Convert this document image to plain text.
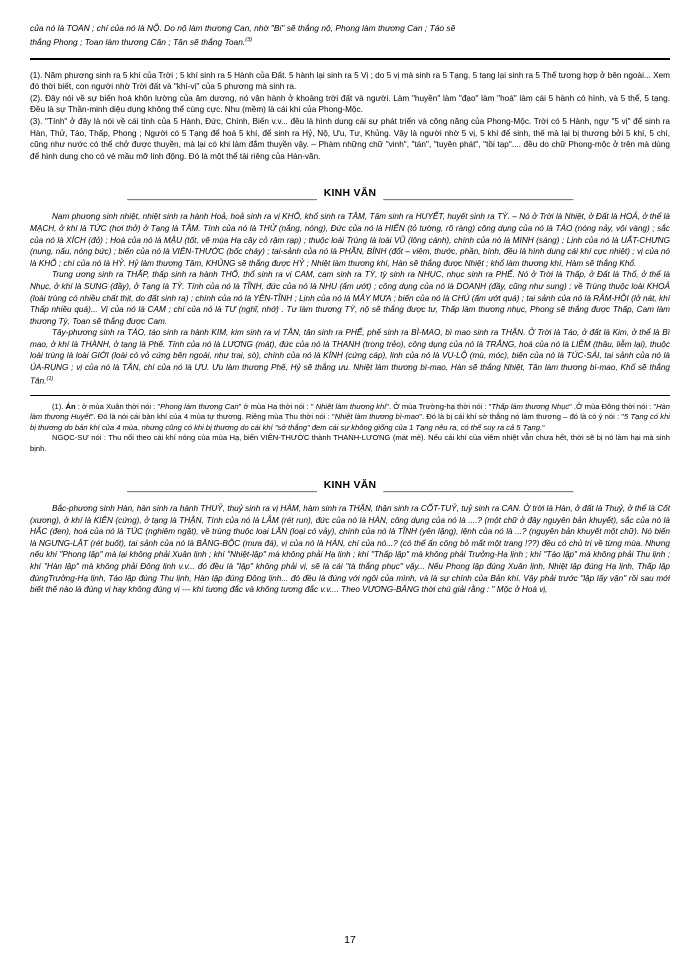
của nó là TOAN ; chí của nó là NỘ. Do nộ làm thương Can, nhờ "Bi" sẽ thắng nộ, Phong làm thương Can ; Táo sẽ

thắng Phong ; Toan làm thương Cân ; Tân sẽ thắng Toan.$^{(3)}$

(1). Năm phương sinh ra 5 khí của Trời ; 5 khí sinh ra 5 Hành của Đất. 5 hành lại sinh ra 5 Vị ; do 5 vị mà sinh ra 5 Tạng. 5 tạng lại sinh ra 5 Thể tương hợp ở bên ngoài... Xem đó thời biết, con người nhờ Trời đất và "khí-vị" của 5 phương mà sinh ra.

(2). Đây nói về sự biến hoá khôn lường của âm dương, nó vận hành ở khoảng trời đất và người. Làm "huyền" làm "đạo" làm "hoá" làm cái 5 hành có hình, và 5 thể, 5 tạng. Đều là sự Thần-minh diệu dụng không thể cùng cực. Nhu (mềm) là cái khí của Phong-Mộc.

(3). "Tính" ở đây là nói về cái tính của 5 Hành, Đức, Chính, Biến v.v... đều là hình dung cái sự phát triển và công năng của Phong-Mộc. Trời có 5 Hành, ngự "5 vị" để sinh ra Hàn, Thử, Táo, Thấp, Phong ; Người có 5 Tạng để hoá 5 khí, để sinh ra Hỷ, Nộ, Ưu, Tư, Khủng. Vậy là người nhờ 5 vị, 5 khí để sinh, thế mà lại bị thương bởi 5 khí, 5 chí, cũng như nước có thể chở được thuyền, mà lại có khi làm đắm thuyền vậy. – Phàm những chữ "vinh", "tán", "tuyên phát", "tồi tạp".... đều do chữ Phong-mộc ở trên mà dùng để hình dung cho có vẻ mầu mỡ linh động. Đó là một thể tài riêng của Hán-văn.

________________________________________ KINH VĂN ________________________________________

Nam phương sinh nhiệt, nhiệt sinh ra hành Hoả, hoả sinh ra vị KHỔ, khổ sinh ra TÂM, Tâm sinh ra HUYẾT, huyết sinh ra TỲ. – Nó ở Trời là Nhiệt, ở Đất là HOẢ, ở thể là MẠCH, ở khí là TỨC (hơi thở) ở Tạng là TÂM. Tính của nó là THỬ (nắng, nóng), Đức của nó là HIỂN (tỏ tường, rõ ràng) công dụng của nó là TÁO (nóng nảy, vội vàng) ; sắc của nó là XÍCH (đỏ) ; Hoá của nó là MẬU (tốt, vẽ mùa Hạ cây cỏ rậm rạp) ; thuộc loài Trùng là loài VŨ (lông cánh), chính của nó là MINH (sáng) ; Lịnh của nó là UẤT-CHƯNG (nung, nấu, nóng bức) ; biến của nó là VIÊN-THƯỚC (bốc cháy) ; tai-sảnh của nó là PHẦN, BÍNH (đốt – viêm, thước, phần, bính, đều là hình dung cái khí cực nhiệt) ; vị của nó là KHỔ ; chí của nó là HỶ. Hỷ làm thương Tâm, KHỦNG sẽ thắng được HỶ ; Nhiệt làm thương khí, Hàn sẽ thắng được Nhiệt ; khổ làm thương khí, Hàm sẽ thắng Khổ.

Trung ương sinh ra THẤP, thấp sinh ra hành THỔ, thổ sinh ra vị CAM, cam sinh ra TỲ, tỳ sinh ra NHỤC, nhục sinh ra PHẾ. Nó ở Trời là Thấp, ở Đất là Thổ, ở thể là Nhục, ở khí là SUNG (đầy), ở Tạng là TỲ. Tính của nó là TĨNH, đức của nó là NHU (ấm ướt) ; công dụng của nó là DOANH (đầy, cũng như sung) ; về Trùng thuộc loài KHOẢ (loài trùng có nhiều chất thịt, do đất sinh ra) ; chính của nó là YÊN-TĨNH ; Lịnh của nó là MÂY MƯA ; biến của nó là CHÚ (ấm ướt quá) ; tai sảnh của nó là RÂM-HỘI (lở nát, khí Thấp nhiều quá)... Vị của nó là CAM ; chí của nó là TƯ (nghĩ, nhớ) . Tư làm thương TỲ, nộ sẽ thắng được tư, Thấp làm thương nhục, Phong sẽ thắng được Thấp, Cam làm thương Tỳ, Toan sẽ thắng được Cam.

Tây-phương sinh ra TÁO, táo sinh ra hành KIM, kim sinh ra vị TÂN, tân sinh ra PHẾ, phế sinh ra BÌ-MAO, bì mao sinh ra THẬN. Ở Trời là Táo, ở đất là Kim, ở thể là Bì mao, ở khí là THÀNH, ở tạng là Phế. Tính của nó là LƯƠNG (mát), đức của nó là THANH (trong trẻo), công dụng của nó là TRẮNG, hoá của nó là LIỄM (thâu, liễm lại), thuộc loài trùng là loài GIỚI (loài có vỏ cứng bên ngoài, như trai, sò), chính của nó là KÍNH (cứng cáp), linh của nó là VỤ-LỘ (mù, móc), biến của nó là TÚC-SÁI, tai sảnh của nó là ÚA-RỤNG ; vị của nó là TÂN, chí của nó là ƯU. Ưu làm thương Phế, Hỷ sẽ thắng ưu. Nhiệt làm thương bì-mao, Hàn sẽ thắng Nhiệt, Tân làm thương bì-mao, Khổ sẽ thắng Tân.$^{(1)}$

(1). Án : ở mùa Xuân thời nói : "Phong làm thương Can" ở mùa Hạ thời nói : " Nhiệt làm thương khí". Ở mùa Trường-hạ thời nói : "Thấp làm thương Nhục" .Ở mùa Đông thời nói : "Hàn làm thương Huyết". Đó là nói cái bản khí của 4 mùa tự thương. Riêng mùa Thu thời nói : "Nhiệt làm thương bì-mao". Đó là bị cái khí sở thắng nó làm thương – đó là có ý nói : "5 Tạng có khi bị thương do bản khí của 4 mùa, nhưng cũng có khi bị thương do cái khí "sở thắng" đem cái sự không giống của 1 Tạng nêu ra, có thể suy ra cả 5 Tạng."

NGỌC-SƯ nói : Thu nối theo cái khí nóng của mùa Hạ, biến VIÊN-THƯỚC thành THANH-LƯƠNG (mát mẻ). Nếu cái khí của viêm nhiệt vẫn chưa hết, thời sẽ bị nó làm hại mà sinh bịnh.

________________________________________ KINH VĂN ________________________________________

Bắc-phương sinh Hàn, hàn sinh ra hành THUỶ, thuỷ sinh ra vị HÀM, hàm sinh ra THẬN, thận sinh ra CỐT-TUỶ, tuỷ sinh ra CAN. Ở trời là Hàn, ở đất là Thuỷ, ở thể là Cốt (xương), ở khí là KIÊN (cứng), ở tạng là THẬN, Tính của nó là LẪM (rét run), đức của nó là HÀN, công dụng của nó là ....? (một chữ ở đây nguyên bản khuyết), sắc của nó là HẮC (đen), hoá của nó là TÚC (nghiêm ngặt), về trùng thuộc loại LÂN (loại có vảy), chính của nó là TĨNH (yên lặng), lệnh của nó là ...? (nguyên bản khuyết một chữ). Nó biến là NGƯNG-LẬT (rét buốt), tai sảnh của nó là BĂNG-BỘC (mưa đá), vị của nó là HÀN, chí của nó...? (có thể ấn công bỏ mất một trang !??) đều có chủ trị về từng mùa. Nhưng nếu khí "Phong lập" mà lại không phải Xuân lịnh ; khí "Nhiệt-lập" mà không phải Hạ lịnh ; khí "Thấp lập" mà không phải Trưởng-Hạ lịnh ; khí "Táo lập" mà không phải Thu lịnh ; khí "Hàn lập" mà không phải Đông lịnh v.v... đó đều là "lập" không phải vị, sẽ là cái "tà thắng phục" vậy... Nếu Phong lập đúng Xuân lịnh, Nhiệt lập đúng Hạ lịnh, Thấp lập đúngTrưởng-Hạ lịnh, Táo lập đúng Thu lịnh, Hàn lập đúng Đông lịnh... đó đều là đúng với ngôi của mình, và là sự chính của Bản khí. Vậy phải trước "lập lấy vận" rồi sau mới biết thế nào là đúng vị hay không đúng vị --- khí tương đắc và không tương đắc v.v.... Theo VƯƠNG-BĂNG thời chú giải rằng : " Mộc ở Hoà vị,

17
